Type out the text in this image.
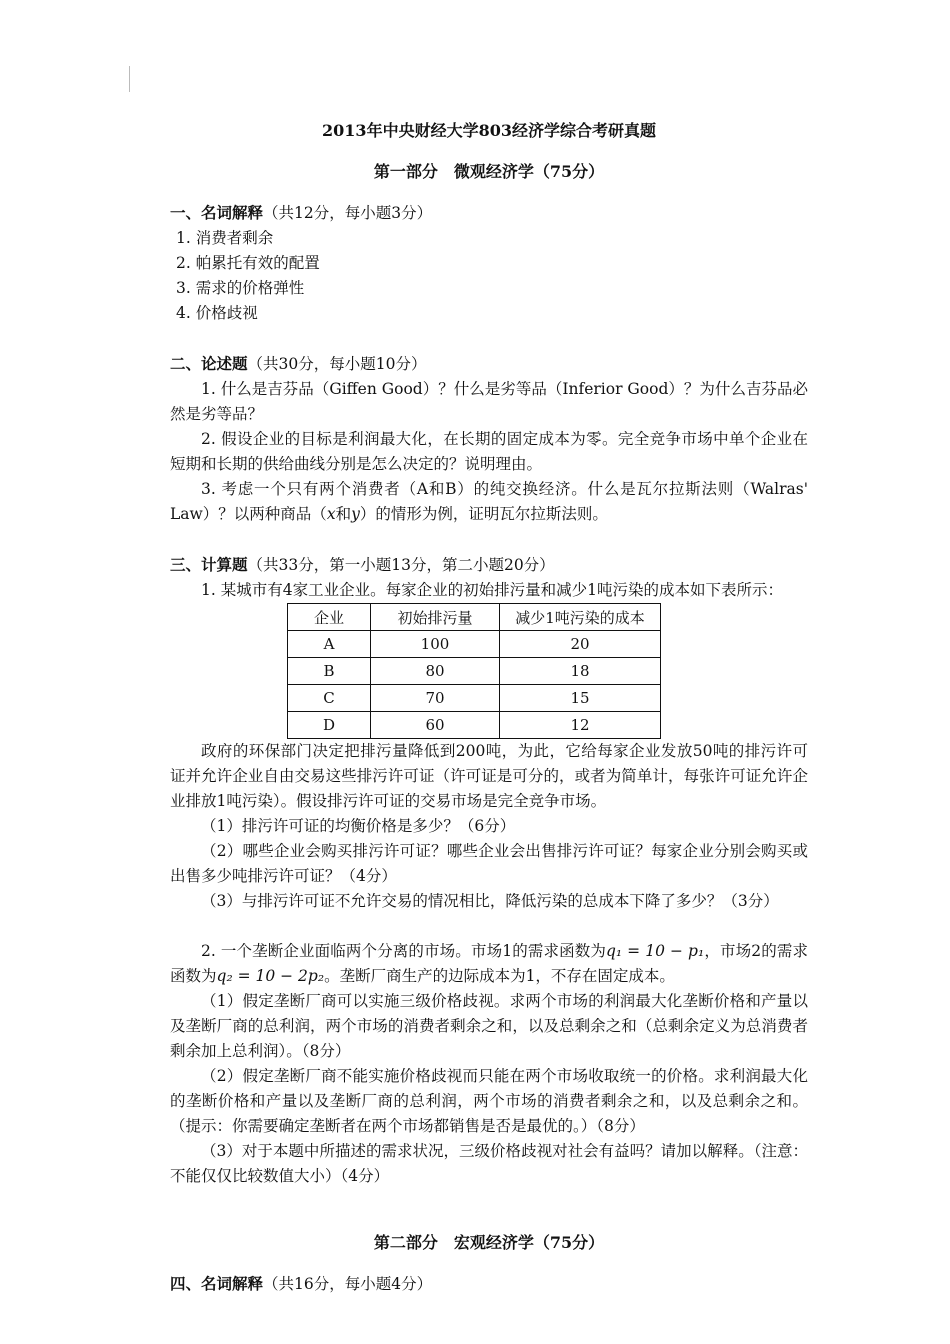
2013年中央财经大学803经济学综合考研真题

第一部分　微观经济学（75分）

一、名词解释（共12分，每小题3分）

1. 消费者剩余

2. 帕累托有效的配置

3. 需求的价格弹性

4. 价格歧视

二、论述题（共30分，每小题10分）

1. 什么是吉芬品（Giffen Good）？什么是劣等品（Inferior Good）？为什么吉芬品必然是劣等品？

2. 假设企业的目标是利润最大化，在长期的固定成本为零。完全竞争市场中单个企业在短期和长期的供给曲线分别是怎么决定的？说明理由。

3. 考虑一个只有两个消费者（A和B）的纯交换经济。什么是瓦尔拉斯法则（Walras' Law）？以两种商品（x和y）的情形为例，证明瓦尔拉斯法则。

三、计算题（共33分，第一小题13分，第二小题20分）

1. 某城市有4家工业企业。每家企业的初始排污量和减少1吨污染的成本如下表所示：

企业	初始排污量	减少1吨污染的成本
A	100	20
B	80	18
C	70	15
D	60	12

政府的环保部门决定把排污量降低到200吨，为此，它给每家企业发放50吨的排污许可证并允许企业自由交易这些排污许可证（许可证是可分的，或者为简单计，每张许可证允许企业排放1吨污染）。假设排污许可证的交易市场是完全竞争市场。

（1）排污许可证的均衡价格是多少？（6分）

（2）哪些企业会购买排污许可证？哪些企业会出售排污许可证？每家企业分别会购买或出售多少吨排污许可证？（4分）

（3）与排污许可证不允许交易的情况相比，降低污染的总成本下降了多少？（3分）

2. 一个垄断企业面临两个分离的市场。市场1的需求函数为q₁ = 10 − p₁，市场2的需求函数为q₂ = 10 − 2p₂。垄断厂商生产的边际成本为1，不存在固定成本。

（1）假定垄断厂商可以实施三级价格歧视。求两个市场的利润最大化垄断价格和产量以及垄断厂商的总利润，两个市场的消费者剩余之和，以及总剩余之和（总剩余定义为总消费者剩余加上总利润）。（8分）

（2）假定垄断厂商不能实施价格歧视而只能在两个市场收取统一的价格。求利润最大化的垄断价格和产量以及垄断厂商的总利润，两个市场的消费者剩余之和，以及总剩余之和。（提示：你需要确定垄断者在两个市场都销售是否是最优的。）（8分）

（3）对于本题中所描述的需求状况，三级价格歧视对社会有益吗？请加以解释。（注意：不能仅仅比较数值大小）（4分）

第二部分　宏观经济学（75分）

四、名词解释（共16分，每小题4分）
